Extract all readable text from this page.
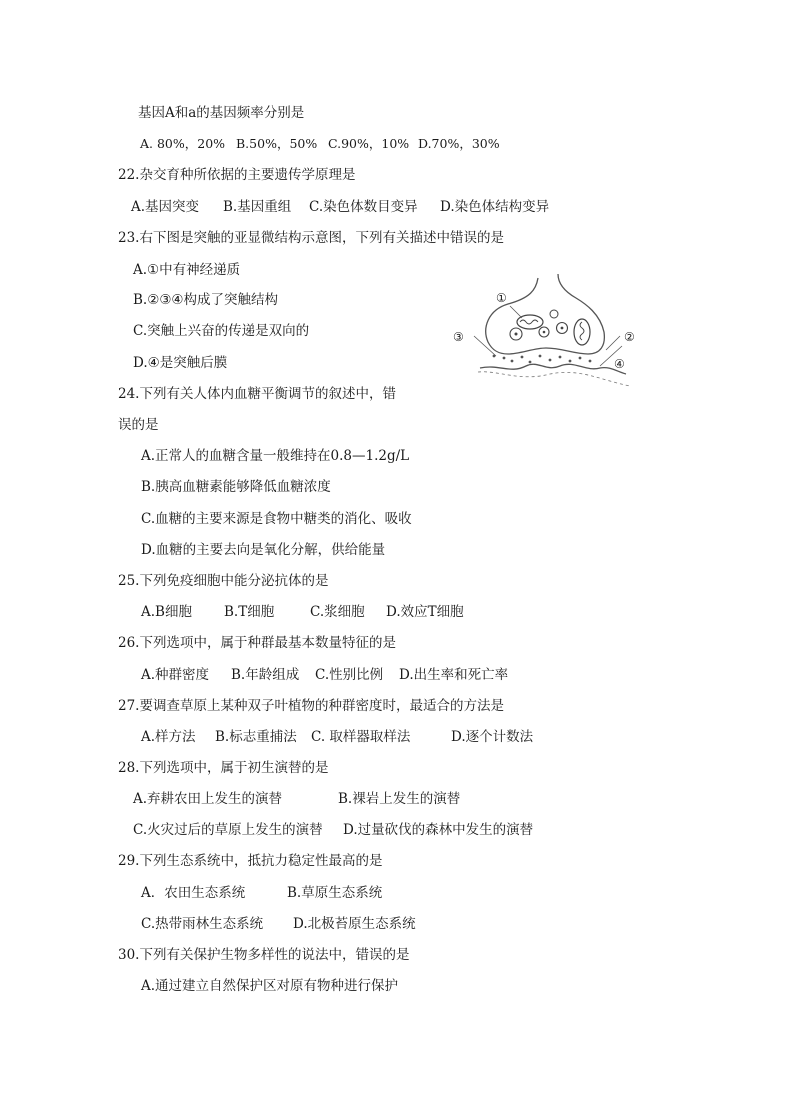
基因A和a的基因频率分别是
A. 80%，20% B.50%，50% C.90%，10% D.70%，30%
22.杂交育种所依据的主要遗传学原理是
A.基因突变 B.基因重组 C.染色体数目变异 D.染色体结构变异
23.右下图是突触的亚显微结构示意图，下列有关描述中错误的是
A.①中有神经递质
B.②③④构成了突触结构
C.突触上兴奋的传递是双向的
D.④是突触后膜
①
②
③
④
24.下列有关人体内血糖平衡调节的叙述中，错
误的是
A.正常人的血糖含量一般维持在0.8—1.2g/L
B.胰高血糖素能够降低血糖浓度
C.血糖的主要来源是食物中糖类的消化、吸收
D.血糖的主要去向是氧化分解，供给能量
25.下列免疫细胞中能分泌抗体的是
A.B细胞 B.T细胞	C.浆细胞 D.效应T细胞
26.下列选项中，属于种群最基本数量特征的是
A.种群密度 B.年龄组成 C.性别比例 D.出生率和死亡率
27.要调查草原上某种双子叶植物的种群密度时，最适合的方法是
A.样方法 B.标志重捕法 C. 取样器取样法	D.逐个计数法
28.下列选项中，属于初生演替的是
A.弃耕农田上发生的演替	B.裸岩上发生的演替
C.火灾过后的草原上发生的演替 D.过量砍伐的森林中发生的演替
29.下列生态系统中，抵抗力稳定性最高的是
A．农田生态系统	B.草原生态系统
C.热带雨林生态系统 D.北极苔原生态系统
30.下列有关保护生物多样性的说法中，错误的是
A.通过建立自然保护区对原有物种进行保护
